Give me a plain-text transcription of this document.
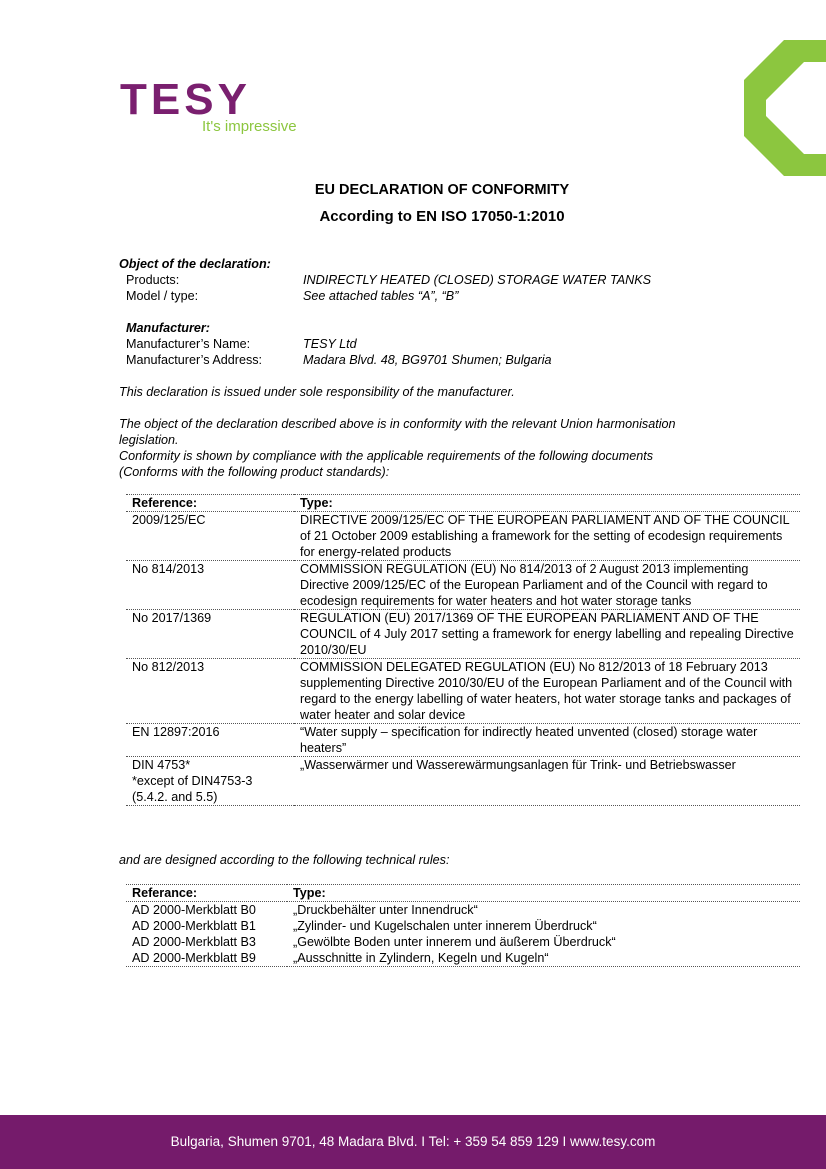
TESY
It's impressive
EU DECLARATION OF CONFORMITY
According to EN ISO 17050-1:2010
Object of the declaration:
Products:	INDIRECTLY HEATED (CLOSED) STORAGE WATER TANKS
Model / type:	See attached tables “A”, “B”
Manufacturer:
Manufacturer’s Name:	TESY Ltd
Manufacturer’s Address:	Madara Blvd. 48, BG9701 Shumen; Bulgaria
This declaration is issued under sole responsibility of the manufacturer.
The object of the declaration described above is in conformity with the relevant Union harmonisation
legislation.
Conformity is shown by compliance with the applicable requirements of the following documents
(Conforms with the following product standards):
Reference:	Type:
2009/125/EC	DIRECTIVE 2009/125/EC OF THE EUROPEAN PARLIAMENT AND OF THE COUNCIL of 21 October 2009 establishing a framework for the setting of ecodesign requirements for energy-related products
No 814/2013	COMMISSION REGULATION (EU) No 814/2013 of 2 August 2013 implementing Directive 2009/125/EC of the European Parliament and of the Council with regard to ecodesign requirements for water heaters and hot water storage tanks
No 2017/1369	REGULATION (EU) 2017/1369 OF THE EUROPEAN PARLIAMENT AND OF THE COUNCIL of 4 July 2017 setting a framework for energy labelling and repealing Directive 2010/30/EU
No 812/2013	COMMISSION DELEGATED REGULATION (EU) No 812/2013 of 18 February 2013 supplementing Directive 2010/30/EU of the European Parliament and of the Council with regard to the energy labelling of water heaters, hot water storage tanks and packages of water heater and solar device
EN 12897:2016	“Water supply – specification for indirectly heated unvented (closed) storage water heaters”

DIN 4753*
*except of DIN4753-3
(5.4.2. and 5.5)	„Wasserwärmer und Wasserewärmungsanlagen für Trink- und Betriebswasser
and are designed according to the following technical rules:
Referance:	Type:
AD 2000-Merkblatt B0	„Druckbehälter unter Innendruck“
AD 2000-Merkblatt B1	„Zylinder- und Kugelschalen unter innerem Überdruck“
AD 2000-Merkblatt B3	„Gewölbte Boden unter innerem und äußerem Überdruck“
AD 2000-Merkblatt B9	„Ausschnitte in Zylindern, Kegeln und Kugeln“
Bulgaria, Shumen 9701, 48 Madara Blvd. I Tel: + 359 54 859 129 I www.tesy.com
